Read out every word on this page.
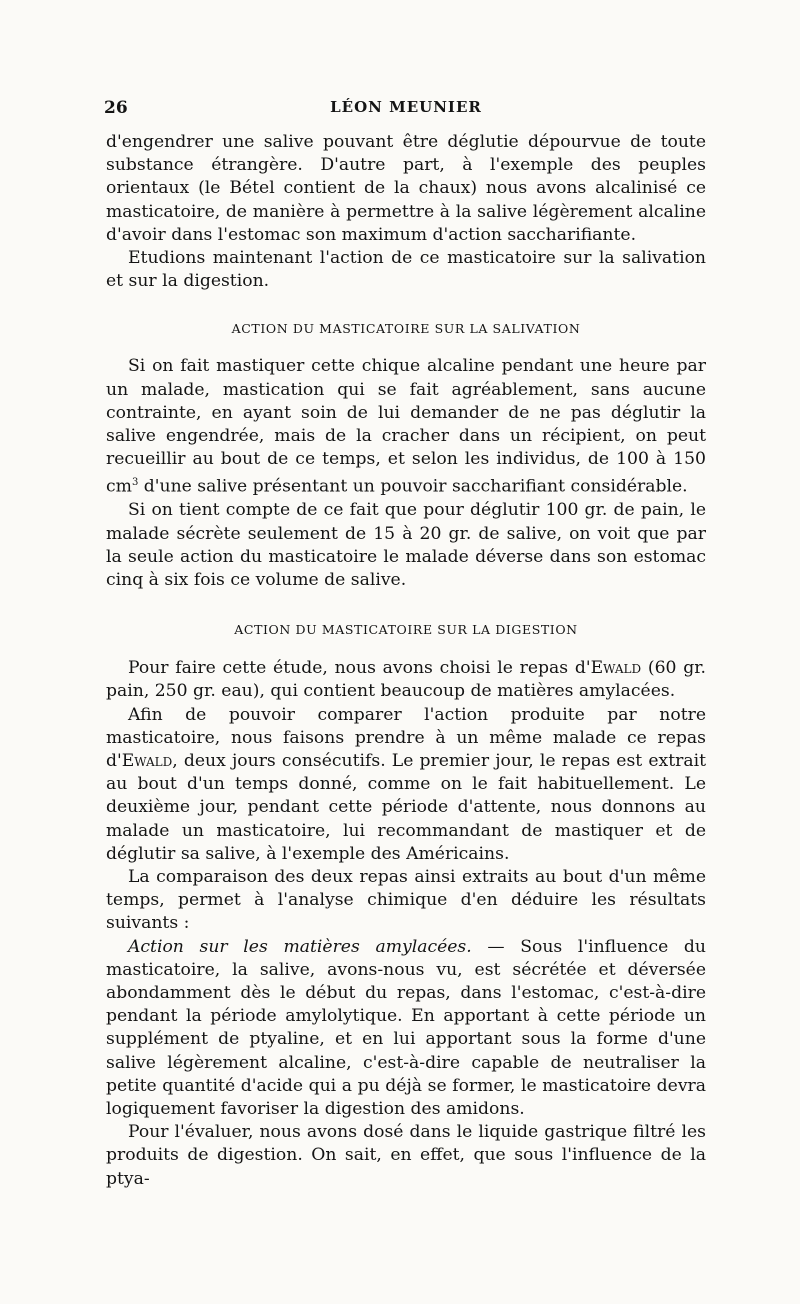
26	LÉON MEUNIER

d'engendrer une salive pouvant être déglutie dépourvue de toute substance étrangère. D'autre part, à l'exemple des peuples orientaux (le Bétel contient de la chaux) nous avons alcalinisé ce masticatoire, de manière à permettre à la salive légèrement alcaline d'avoir dans l'estomac son maximum d'action saccharifiante.

Etudions maintenant l'action de ce masticatoire sur la salivation et sur la digestion.

ACTION DU MASTICATOIRE SUR LA SALIVATION

Si on fait mastiquer cette chique alcaline pendant une heure par un malade, mastication qui se fait agréablement, sans aucune contrainte, en ayant soin de lui demander de ne pas déglutir la salive engendrée, mais de la cracher dans un récipient, on peut recueillir au bout de ce temps, et selon les individus, de 100 à 150 $cm^3$ d'une salive présentant un pouvoir saccharifiant considérable.

Si on tient compte de ce fait que pour déglutir 100 gr. de pain, le malade sécrète seulement de 15 à 20 gr. de salive, on voit que par la seule action du masticatoire le malade déverse dans son estomac cinq à six fois ce volume de salive.

ACTION DU MASTICATOIRE SUR LA DIGESTION

Pour faire cette étude, nous avons choisi le repas d'Ewald (60 gr. pain, 250 gr. eau), qui contient beaucoup de matières amylacées.

Afin de pouvoir comparer l'action produite par notre masticatoire, nous faisons prendre à un même malade ce repas d'Ewald, deux jours consécutifs. Le premier jour, le repas est extrait au bout d'un temps donné, comme on le fait habituellement. Le deuxième jour, pendant cette période d'attente, nous donnons au malade un masticatoire, lui recommandant de mastiquer et de déglutir sa salive, à l'exemple des Américains.

La comparaison des deux repas ainsi extraits au bout d'un même temps, permet à l'analyse chimique d'en déduire les résultats suivants :

Action sur les matières amylacées. — Sous l'influence du masticatoire, la salive, avons-nous vu, est sécrétée et déversée abondamment dès le début du repas, dans l'estomac, c'est-à-dire pendant la période amylolytique. En apportant à cette période un supplément de ptyaline, et en lui apportant sous la forme d'une salive légèrement alcaline, c'est-à-dire capable de neutraliser la petite quantité d'acide qui a pu déjà se former, le masticatoire devra logiquement favoriser la digestion des amidons.

Pour l'évaluer, nous avons dosé dans le liquide gastrique filtré les produits de digestion. On sait, en effet, que sous l'influence de la ptya-
